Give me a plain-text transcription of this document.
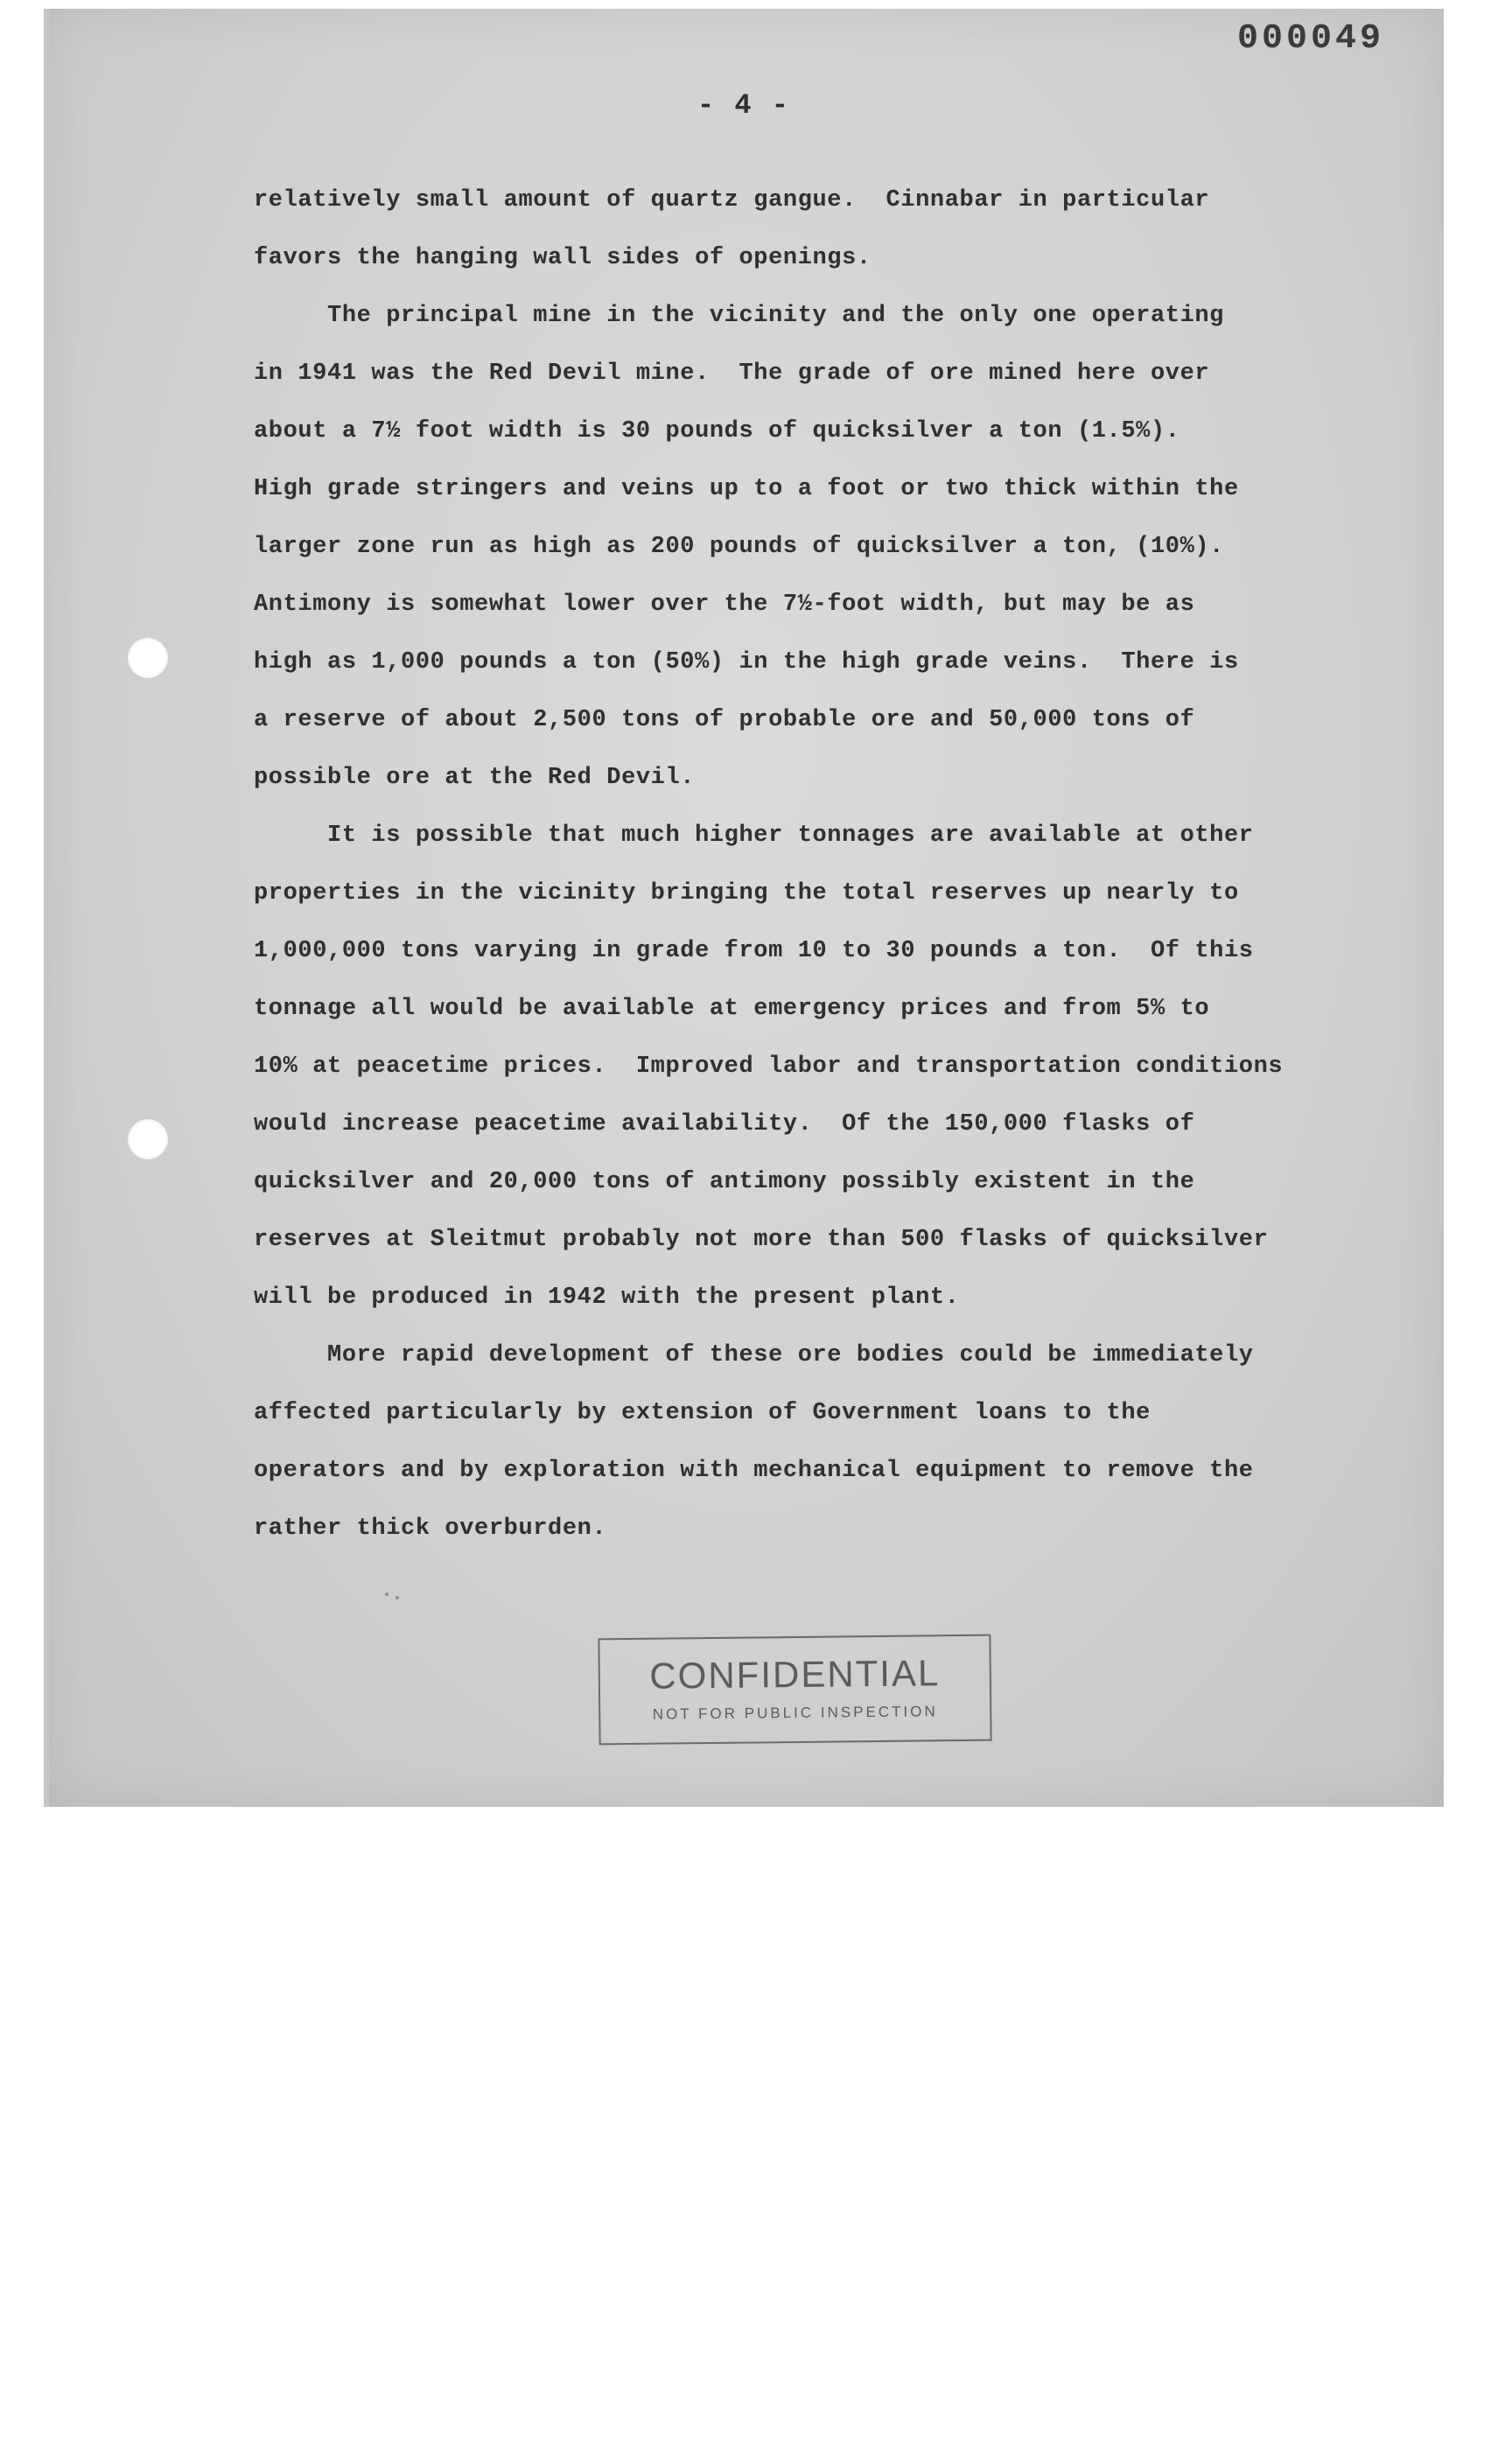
000049
- 4 -
relatively small amount of quartz gangue.  Cinnabar in particular
favors the hanging wall sides of openings.
The principal mine in the vicinity and the only one operating
in 1941 was the Red Devil mine.  The grade of ore mined here over
about a 7½ foot width is 30 pounds of quicksilver a ton (1.5%).
High grade stringers and veins up to a foot or two thick within the
larger zone run as high as 200 pounds of quicksilver a ton, (10%).
Antimony is somewhat lower over the 7½-foot width, but may be as
high as 1,000 pounds a ton (50%) in the high grade veins.  There is
a reserve of about 2,500 tons of probable ore and 50,000 tons of
possible ore at the Red Devil.
It is possible that much higher tonnages are available at other
properties in the vicinity bringing the total reserves up nearly to
1,000,000 tons varying in grade from 10 to 30 pounds a ton.  Of this
tonnage all would be available at emergency prices and from 5% to
10% at peacetime prices.  Improved labor and transportation conditions
would increase peacetime availability.  Of the 150,000 flasks of
quicksilver and 20,000 tons of antimony possibly existent in the
reserves at Sleitmut probably not more than 500 flasks of quicksilver
will be produced in 1942 with the present plant.
More rapid development of these ore bodies could be immediately
affected particularly by extension of Government loans to the
operators and by exploration with mechanical equipment to remove the
rather thick overburden.
CONFIDENTIAL
NOT FOR PUBLIC INSPECTION
